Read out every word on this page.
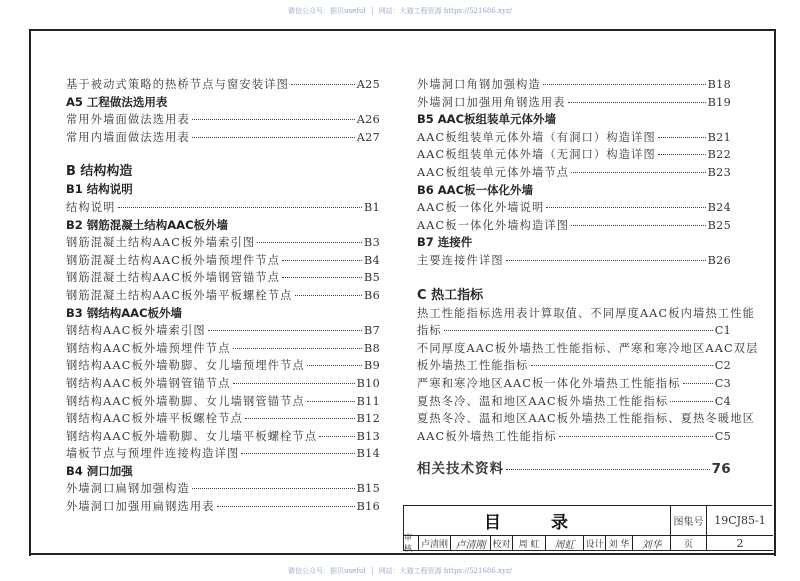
微信公众号：据贝useful 网站：大猫工程资源 https://521686.xyz/
基于被动式策略的热桥节点与窗安装详图	A25
A5 工程做法选用表
常用外墙面做法选用表	A26
常用内墙面做法选用表	A27
B 结构构造
B1 结构说明
结构说明	B1
B2 钢筋混凝土结构AAC板外墙
钢筋混凝土结构AAC板外墙索引图	B3
钢筋混凝土结构AAC板外墙预埋件节点	B4
钢筋混凝土结构AAC板外墙钢管锚节点	B5
钢筋混凝土结构AAC板外墙平板螺栓节点	B6
B3 钢结构AAC板外墙
钢结构AAC板外墙索引图	B7
钢结构AAC板外墙预埋件节点	B8
钢结构AAC板外墙勒脚、女儿墙预埋件节点	B9
钢结构AAC板外墙钢管锚节点	B10
钢结构AAC板外墙勒脚、女儿墙钢管锚节点	B11
钢结构AAC板外墙平板螺栓节点	B12
钢结构AAC板外墙勒脚、女儿墙平板螺栓节点	B13
墙板节点与预埋件连接构造详图	B14
B4 洞口加强
外墙洞口扁钢加强构造	B15
外墙洞口加强用扁钢选用表	B16
外墙洞口角钢加强构造	B18
外墙洞口加强用角钢选用表	B19
B5 AAC板组装单元体外墙
AAC板组装单元体外墙（有洞口）构造详图	B21
AAC板组装单元体外墙（无洞口）构造详图	B22
AAC板组装单元体外墙节点	B23
B6 AAC板一体化外墙
AAC板一体化外墙说明	B24
AAC板一体化外墙构造详图	B25
B7 连接件
主要连接件详图	B26
C 热工指标
热工性能指标选用表计算取值、不同厚度AAC板内墙热工性能
指标	C1
不同厚度AAC板外墙热工性能指标、严寒和寒冷地区AAC双层
板外墙热工性能指标	C2
严寒和寒冷地区AAC板一体化外墙热工性能指标	C3
夏热冬冷、温和地区AAC板外墙热工性能指标	C4
夏热冬冷、温和地区AAC板外墙热工性能指标、夏热冬暖地区
AAC板外墙热工性能指标	C5
相关技术资料	76
目 录	图集号 19CJ85-1
审核 卢清刚 卢清刚 校对 周 虹	周虹	设计 刘 华	刘华	页	2
微信公众号：据贝useful 网站：大猫工程资源 https://521686.xyz/
